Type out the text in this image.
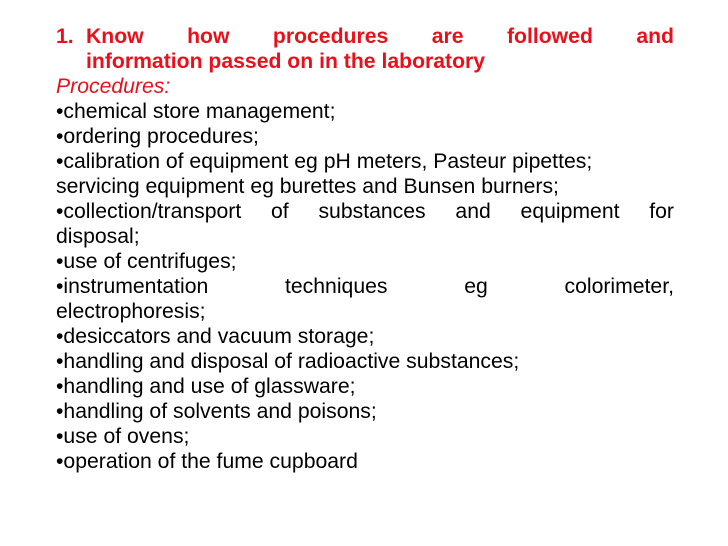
1. Know how procedures are followed and
information passed on in the laboratory
Procedures:
•chemical store management;
•ordering procedures;
•calibration of equipment eg pH meters, Pasteur pipettes;
servicing equipment eg burettes and Bunsen burners;
•collection/transport of substances and equipment for
disposal;
•use of centrifuges;
•instrumentation techniques eg colorimeter,
electrophoresis;
•desiccators and vacuum storage;
•handling and disposal of radioactive substances;
•handling and use of glassware;
•handling of solvents and poisons;
•use of ovens;
•operation of the fume cupboard
